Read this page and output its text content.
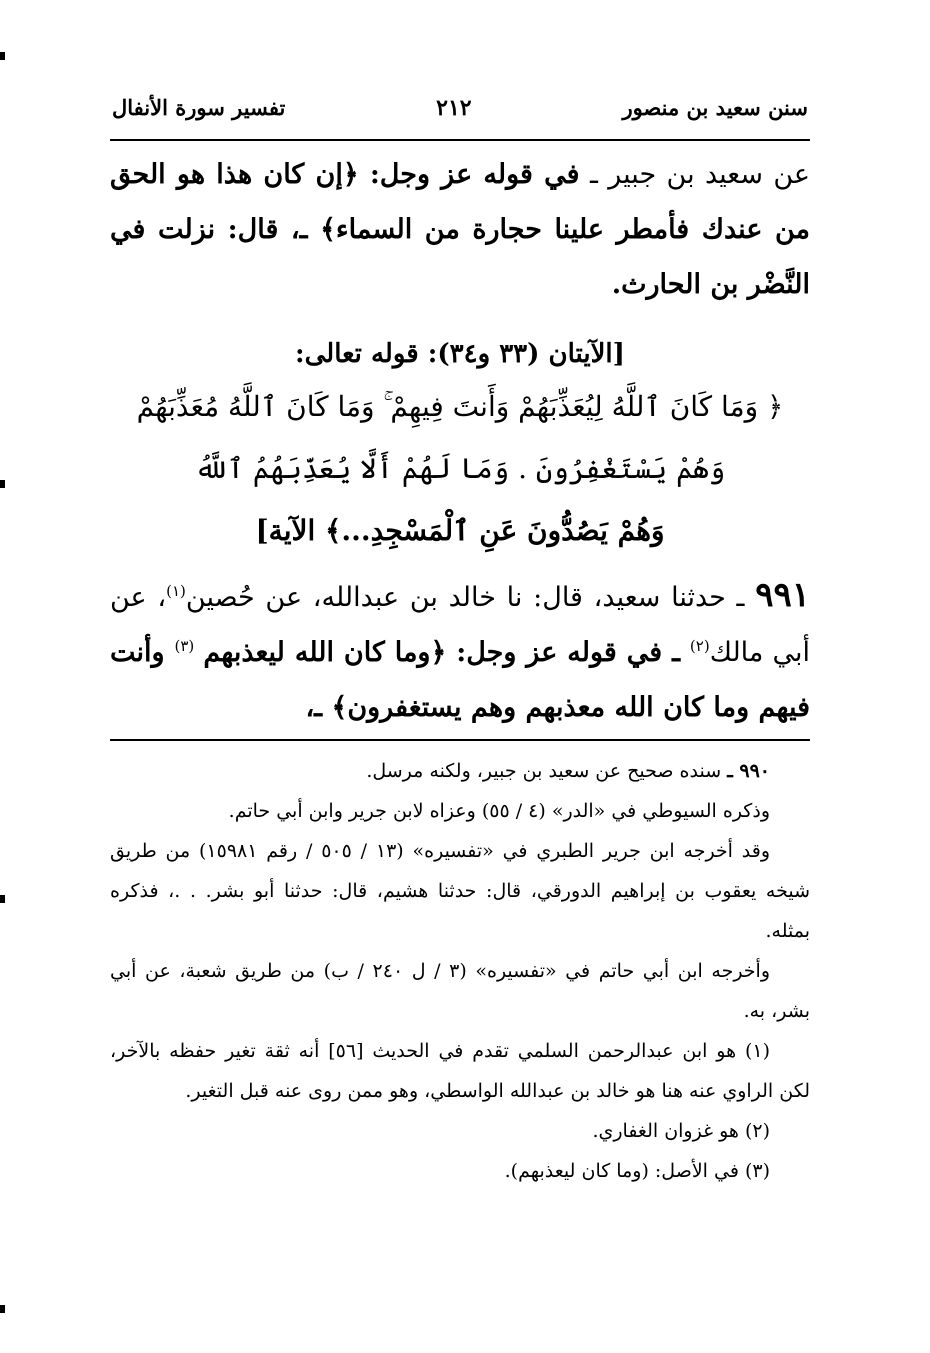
سنن سعيد بن منصور
٢١٢
تفسير سورة الأنفال
عن سعيد بن جبير ـ في قوله عز وجل: ﴿إن كان هذا هو الحق من عندك فأمطر علينا حجارة من السماء﴾ ـ، قال: نزلت في النَّضْر بن الحارث.
[الآيتان (٣٣ و٣٤): قوله تعالى:
﴿ وَمَا كَانَ ٱللَّهُ لِيُعَذِّبَهُمْ وَأَنتَ فِيهِمْ ۚ وَمَا كَانَ ٱللَّهُ مُعَذِّبَهُمْ
وَهُمْ يَسْتَغْفِرُونَ . وَمَا لَهُمْ أَلَّا يُعَذِّبَهُمُ ٱللَّهُ
وَهُمْ يَصُدُّونَ عَنِ ٱلْمَسْجِدِ...﴾ الآية]
٩٩١ ـ حدثنا سعيد، قال: نا خالد بن عبدالله، عن حُصين$^{(١)}$، عن أبي مالك$^{(٢)}$ ـ في قوله عز وجل: ﴿وما كان الله ليعذبهم $^{(٣)}$ وأنت فيهم وما كان الله معذبهم وهم يستغفرون﴾ ـ،

٩٩٠ ـ سنده صحيح عن سعيد بن جبير، ولكنه مرسل.

وذكره السيوطي في «الدر» (٤ / ٥٥) وعزاه لابن جرير وابن أبي حاتم.

وقد أخرجه ابن جرير الطبري في «تفسيره» (١٣ / ٥٠٥ / رقم ١٥٩٨١) من طريق شيخه يعقوب بن إبراهيم الدورقي، قال: حدثنا هشيم، قال: حدثنا أبو بشر. . .، فذكره بمثله.

وأخرجه ابن أبي حاتم في «تفسيره» (٣ / ل ٢٤٠ / ب) من طريق شعبة، عن أبي بشر، به.

(١) هو ابن عبدالرحمن السلمي تقدم في الحديث [٥٦] أنه ثقة تغير حفظه بالآخر، لكن الراوي عنه هنا هو خالد بن عبدالله الواسطي، وهو ممن روى عنه قبل التغير.

(٢) هو غزوان الغفاري.

(٣) في الأصل: (وما كان ليعذبهم).
